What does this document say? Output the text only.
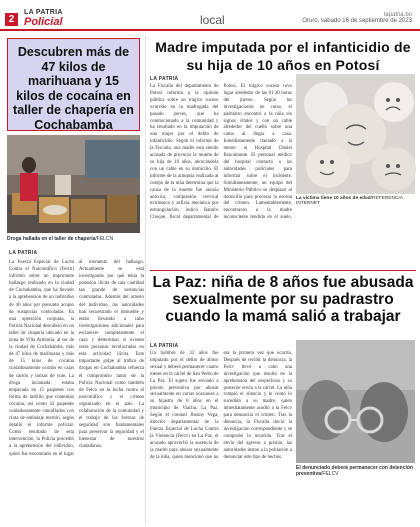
2
LA PATRIA
Policial	local	lapatria.bo
Oruro, sábado 16 de septiembre de 2023
Descubren más de 47 kilos de marihuana y 15 kilos de cocaína en taller de chapería en Cochabamba
Droga hallada en el taller de chapería/FELCN
LA PATRIA
La Fuerza Especial de Lucha Contra el Narcotráfico (Felcn) informó sobre un importante hallazgo realizado en la ciudad de Cochabamba, que ha llevado a la aprehensión de un individuo de 40 años por presunto acopio de sustancias controladas. En una operación conjunta, la Policía Nacional descubrió en un taller de chapería ubicado en la zona de Villa Armonía, al sur de la ciudad de Cochabamba, más de 47 kilos de marihuana y más de 15 kilos de cocaína cuidadosamente ocultos en cajas de cartón y bolsas de yute. La droga incautada estaba empacada en 15 paquetes con forma de ladrillo que contenían cocaína, así como 42 paquetes cuidadosamente camuflados con cinta de embalaje marrón, según detalló el informe policial. Como resultado de esta intervención, la Policía procedió a la aprehensión del individuo, quien fue encontrado en el lugar al momento del hallazgo. Actualmente se está investigando por qué tenía la posesión ilícita de una cantidad tan grande de sustancias controladas. Además del arresto del individuo, las autoridades han secuestrado el inmueble y están llevando a cabo investigaciones adicionales para esclarecer completamente el caso y determinar si existen otras personas involucradas en esta actividad ilícita. Este importante golpe al tráfico de drogas en Cochabamba refuerza el compromiso tanto de la Policía Nacional como también de Felcn en la lucha contra el narcotráfico y el crimen organizado en el país. La colaboración de la comunidad y el trabajo de las fuerzas de seguridad son fundamentales para preservar la seguridad y el bienestar de nuestros ciudadanos.
Madre imputada por el infanticidio de su hija de 10 años en Potosí
LA PATRIA
La Fiscalía del departamento de Potosí informa a la opinión pública sobre un trágico suceso ocurrido en la madrugada del pasado jueves, que ha conmocionado a la comunidad y ha resultado en la imputación de una mujer por el delito de infanticidio. Según el informe de la Fiscalía, una madre está siendo acusada de provocar la muerte de su hija de 10 años, ahorcándola con un cable en su domicilio. El informe de la autopsia realizada al cuerpo de la niña determina que la causa de la muerte fue anoxia anóxica, compresión cervical extrínseca y asfixia mecánica por estrangulación, indicó Ramiro Choque, fiscal departamental de Potosí. El trágico suceso tuvo lugar alrededor de las 01:30 horas del jueves. Según las investigaciones en curso, el padrastro encontró a la niña sin signos vitales y con un cable alrededor del cuello sobre una cama al llegar a casa. Inmediatamente trasladó a la menor al Hospital Daniel Bracamonte. El personal médico del hospital contactó a las autoridades policiales para informar sobre el incidente. Simultáneamente, un equipo del Ministerio Público se desplazó al domicilio para procesar la escena del crimen. Lamentablemente, encontraron a la madre inconsciente tendida en el suelo.
La víctima tiene 10 años de edad/REFERENCIA INTERNET
La Paz: niña de 8 años fue abusada sexualmente por su padrastro cuando la mamá salió a trabajar
LA PATRIA
Un hombre de 33 años fue imputado por el delito de abuso sexual y deberá permanecer cuatro meses en la cárcel de San Pedro de La Paz. El sujeto fue enviado a prisión preventiva por abusar sexualmente en varias ocasiones a su hijastra de 8 años en el municipio de Viacha, La Paz. Según el coronel Jhonny Vega, director departamental de la Fuerza Especial de Lucha Contra la Violencia (Felcv) en La Paz, el acusado aprovechó la ausencia de la madre para abusar sexualmente de la niña, quien mencionó que no era la primera vez que ocurría. Después de recibir la denuncia, la Felcv llevó a cabo una investigación que resultó en la aprehensión del sospechoso y su posterior envío a la cárcel. La niña rompió el silencio y le contó lo sucedido a su madre, quien inmediatamente acudió a la Felcv para denunciar el crimen. Tras la denuncia, la Fiscalía inició la investigación correspondiente y se comprobó lo ocurrido. Tras el envío del agresor a prisión, las autoridades instan a la población a denunciar este tipo de hechos.
El denunciado deberá permanecer con detención preventiva/FELCV
